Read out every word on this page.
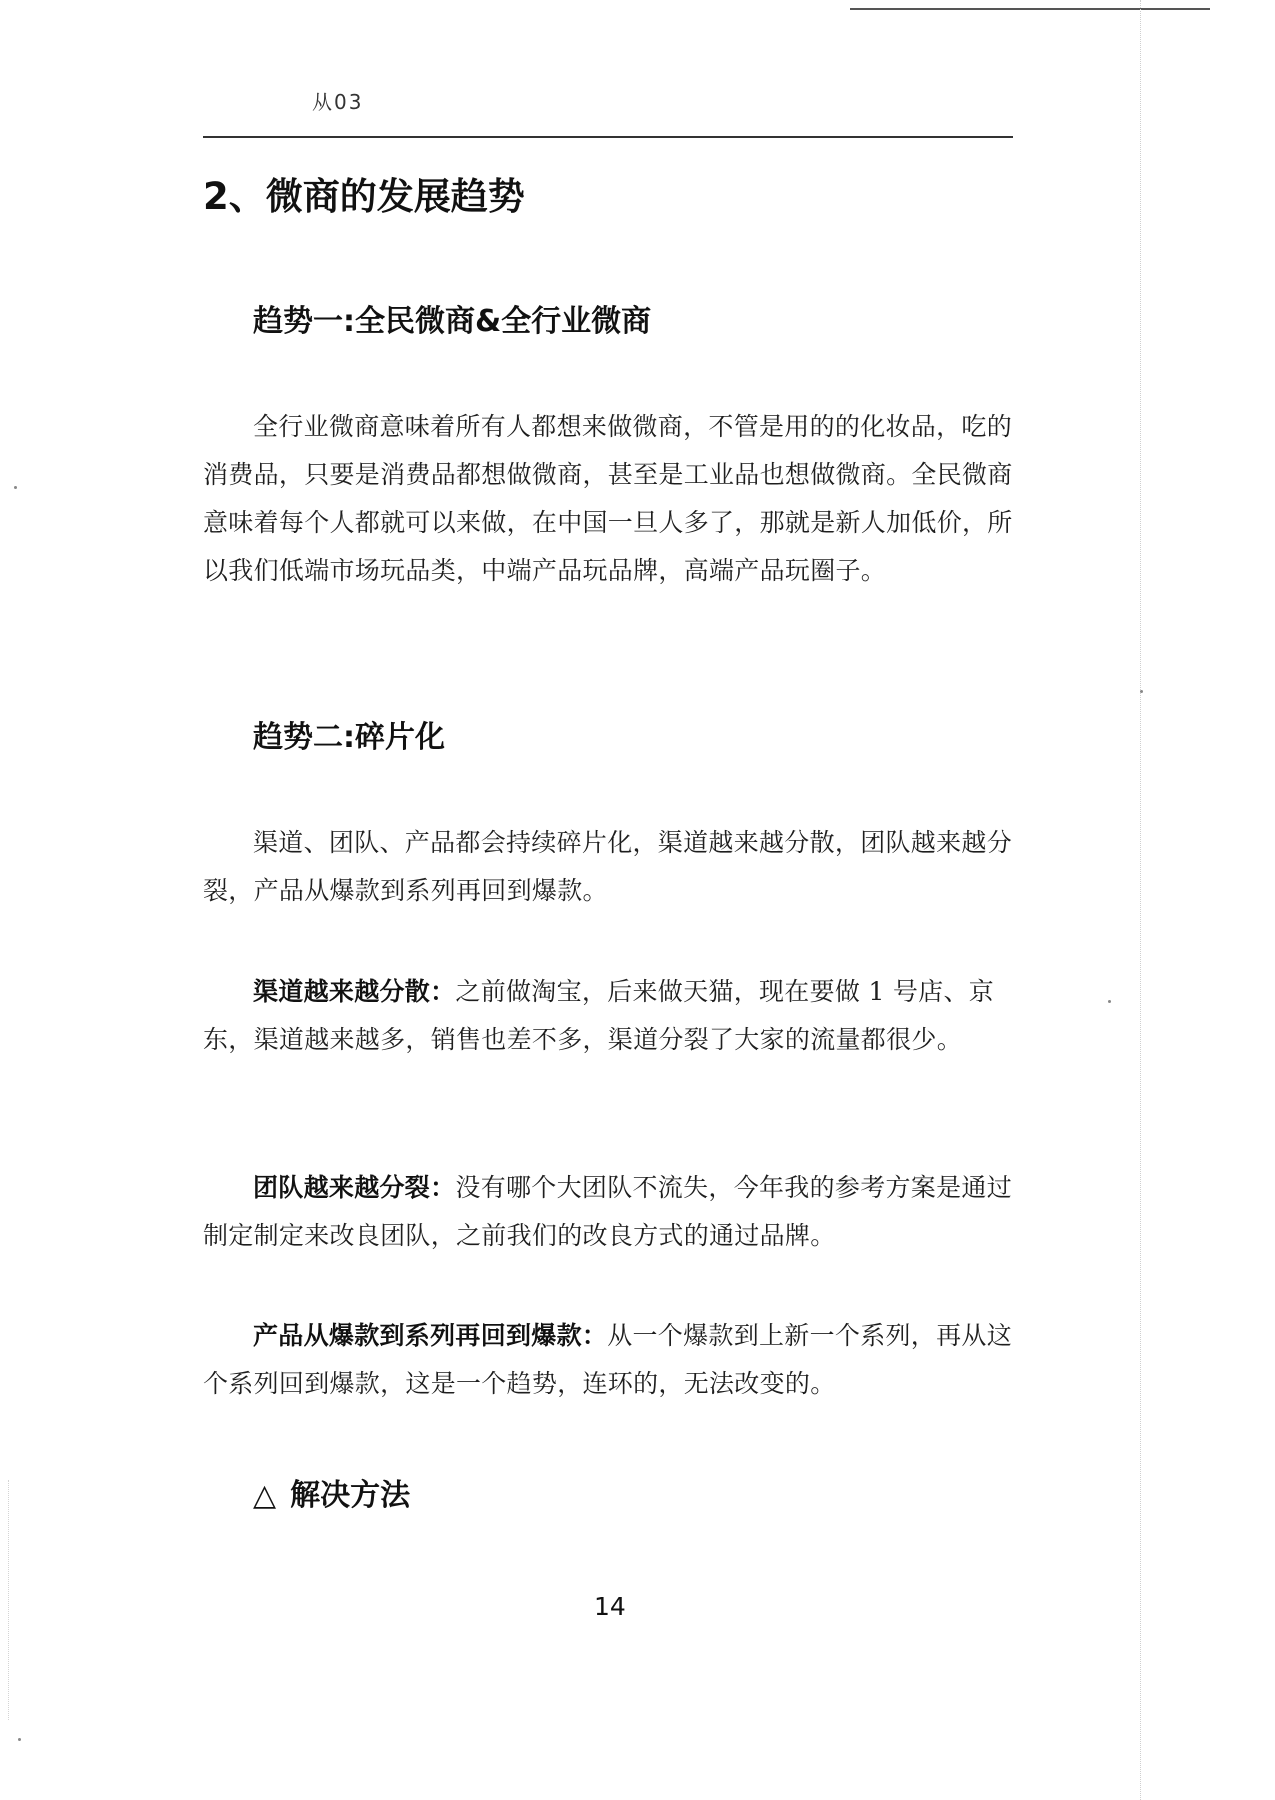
从03
2、微商的发展趋势
趋势一:全民微商&全行业微商

全行业微商意味着所有人都想来做微商，不管是用的的化妆品，吃的消费品，只要是消费品都想做微商，甚至是工业品也想做微商。全民微商意味着每个人都就可以来做，在中国一旦人多了，那就是新人加低价，所以我们低端市场玩品类，中端产品玩品牌，高端产品玩圈子。

趋势二:碎片化

渠道、团队、产品都会持续碎片化，渠道越来越分散，团队越来越分裂，产品从爆款到系列再回到爆款。

渠道越来越分散：之前做淘宝，后来做天猫，现在要做 1 号店、京东，渠道越来越多，销售也差不多，渠道分裂了大家的流量都很少。

团队越来越分裂：没有哪个大团队不流失，今年我的参考方案是通过制定制定来改良团队，之前我们的改良方式的通过品牌。

产品从爆款到系列再回到爆款：从一个爆款到上新一个系列，再从这个系列回到爆款，这是一个趋势，连环的，无法改变的。

△ 解决方法
14
